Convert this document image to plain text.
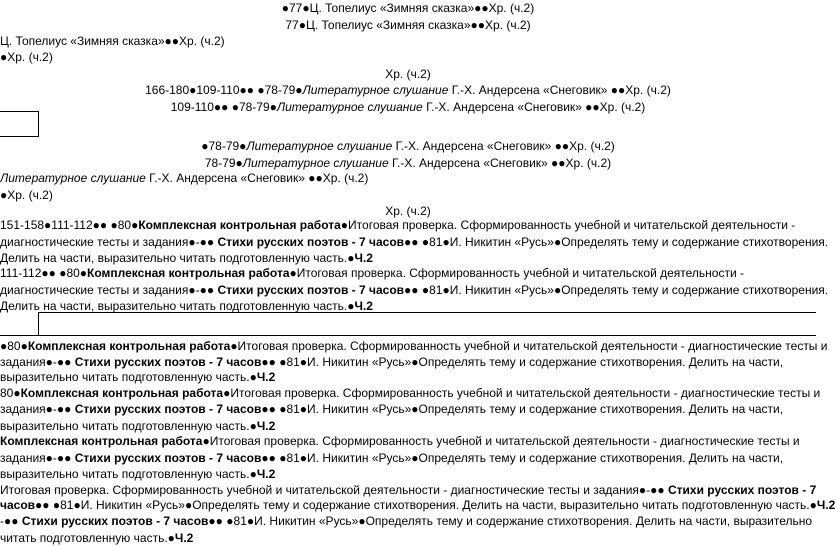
●77●Ц. Топелиус «Зимняя сказка»●●Хр. (ч.2)
77●Ц. Топелиус «Зимняя сказка»●●Хр. (ч.2)
Ц. Топелиус «Зимняя сказка»●●Хр. (ч.2)
●Хр. (ч.2)
Хр. (ч.2)
166-180●109-110●● ●78-79●Литературное слушание Г.-Х. Андерсена «Снеговик» ●●Хр. (ч.2)
109-110●● ●78-79●Литературное слушание Г.-Х. Андерсена «Снеговик» ●●Хр. (ч.2)
●78-79●Литературное слушание Г.-Х. Андерсена «Снеговик» ●●Хр. (ч.2)
78-79●Литературное слушание Г.-Х. Андерсена «Снеговик» ●●Хр. (ч.2)
Литературное слушание Г.-Х. Андерсена «Снеговик» ●●Хр. (ч.2)
●Хр. (ч.2)
Хр. (ч.2)
151-158●111-112●● ●80●Комплексная контрольная работа●Итоговая проверка. Сформированность учебной и читательской деятельности -
диагностические тесты и задания●-●● Стихи русских поэтов - 7 часов●● ●81●И. Никитин «Русь»●Определять тему и содержание стихотворения.
Делить на части, выразительно читать подготовленную часть.●Ч.2
111-112●● ●80●Комплексная контрольная работа●Итоговая проверка. Сформированность учебной и читательской деятельности -
диагностические тесты и задания●-●● Стихи русских поэтов - 7 часов●● ●81●И. Никитин «Русь»●Определять тему и содержание стихотворения.
Делить на части, выразительно читать подготовленную часть.●Ч.2
●80●Комплексная контрольная работа●Итоговая проверка. Сформированность учебной и читательской деятельности - диагностические тесты и
задания●-●● Стихи русских поэтов - 7 часов●● ●81●И. Никитин «Русь»●Определять тему и содержание стихотворения. Делить на части,
выразительно читать подготовленную часть.●Ч.2
80●Комплексная контрольная работа●Итоговая проверка. Сформированность учебной и читательской деятельности - диагностические тесты и
задания●-●● Стихи русских поэтов - 7 часов●● ●81●И. Никитин «Русь»●Определять тему и содержание стихотворения. Делить на части,
выразительно читать подготовленную часть.●Ч.2
Комплексная контрольная работа●Итоговая проверка. Сформированность учебной и читательской деятельности - диагностические тесты и
задания●-●● Стихи русских поэтов - 7 часов●● ●81●И. Никитин «Русь»●Определять тему и содержание стихотворения. Делить на части,
выразительно читать подготовленную часть.●Ч.2
Итоговая проверка. Сформированность учебной и читательской деятельности - диагностические тесты и задания●-●● Стихи русских поэтов - 7
часов●● ●81●И. Никитин «Русь»●Определять тему и содержание стихотворения. Делить на части, выразительно читать подготовленную часть.●Ч.2
-●● Стихи русских поэтов - 7 часов●● ●81●И. Никитин «Русь»●Определять тему и содержание стихотворения. Делить на части, выразительно
читать подготовленную часть.●Ч.2
